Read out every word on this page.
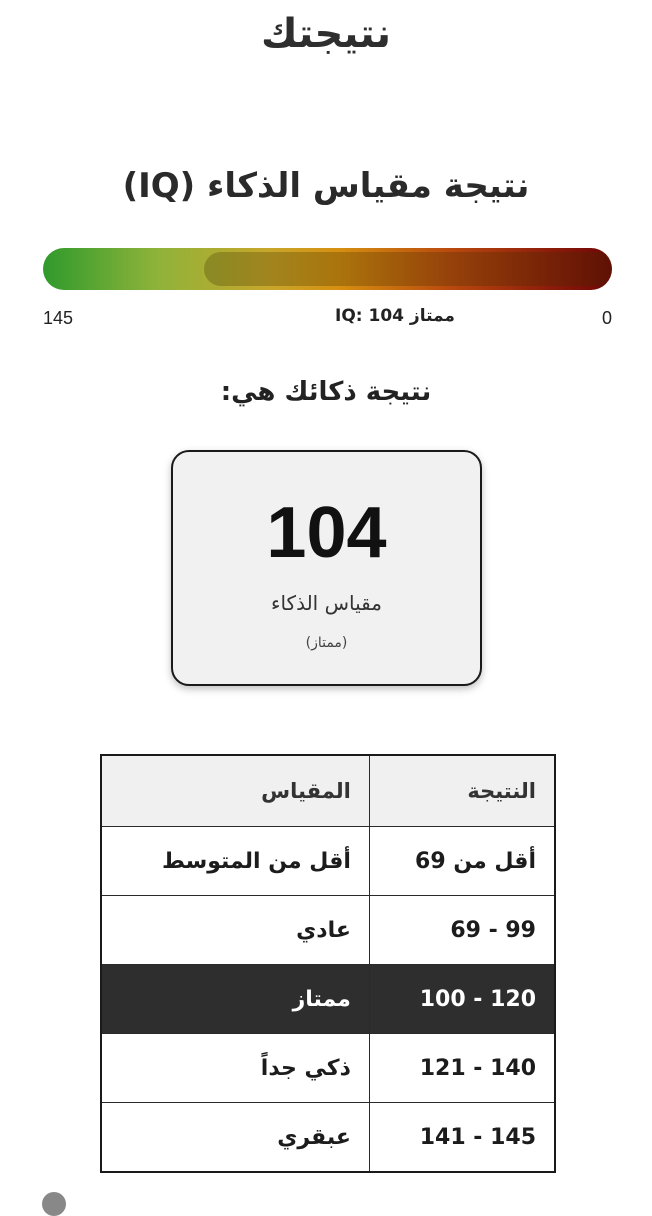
نتيجتك
نتيجة مقياس الذكاء (IQ)
145	ممتاز IQ: 104	0
نتيجة ذكائك هي:
104
مقياس الذكاء
(ممتاز)
النتيجة	المقياس
أقل من 69	أقل من المتوسط
69 - 99	عادي
100 - 120	ممتاز
121 - 140	ذكي جداً
141 - 145	عبقري
